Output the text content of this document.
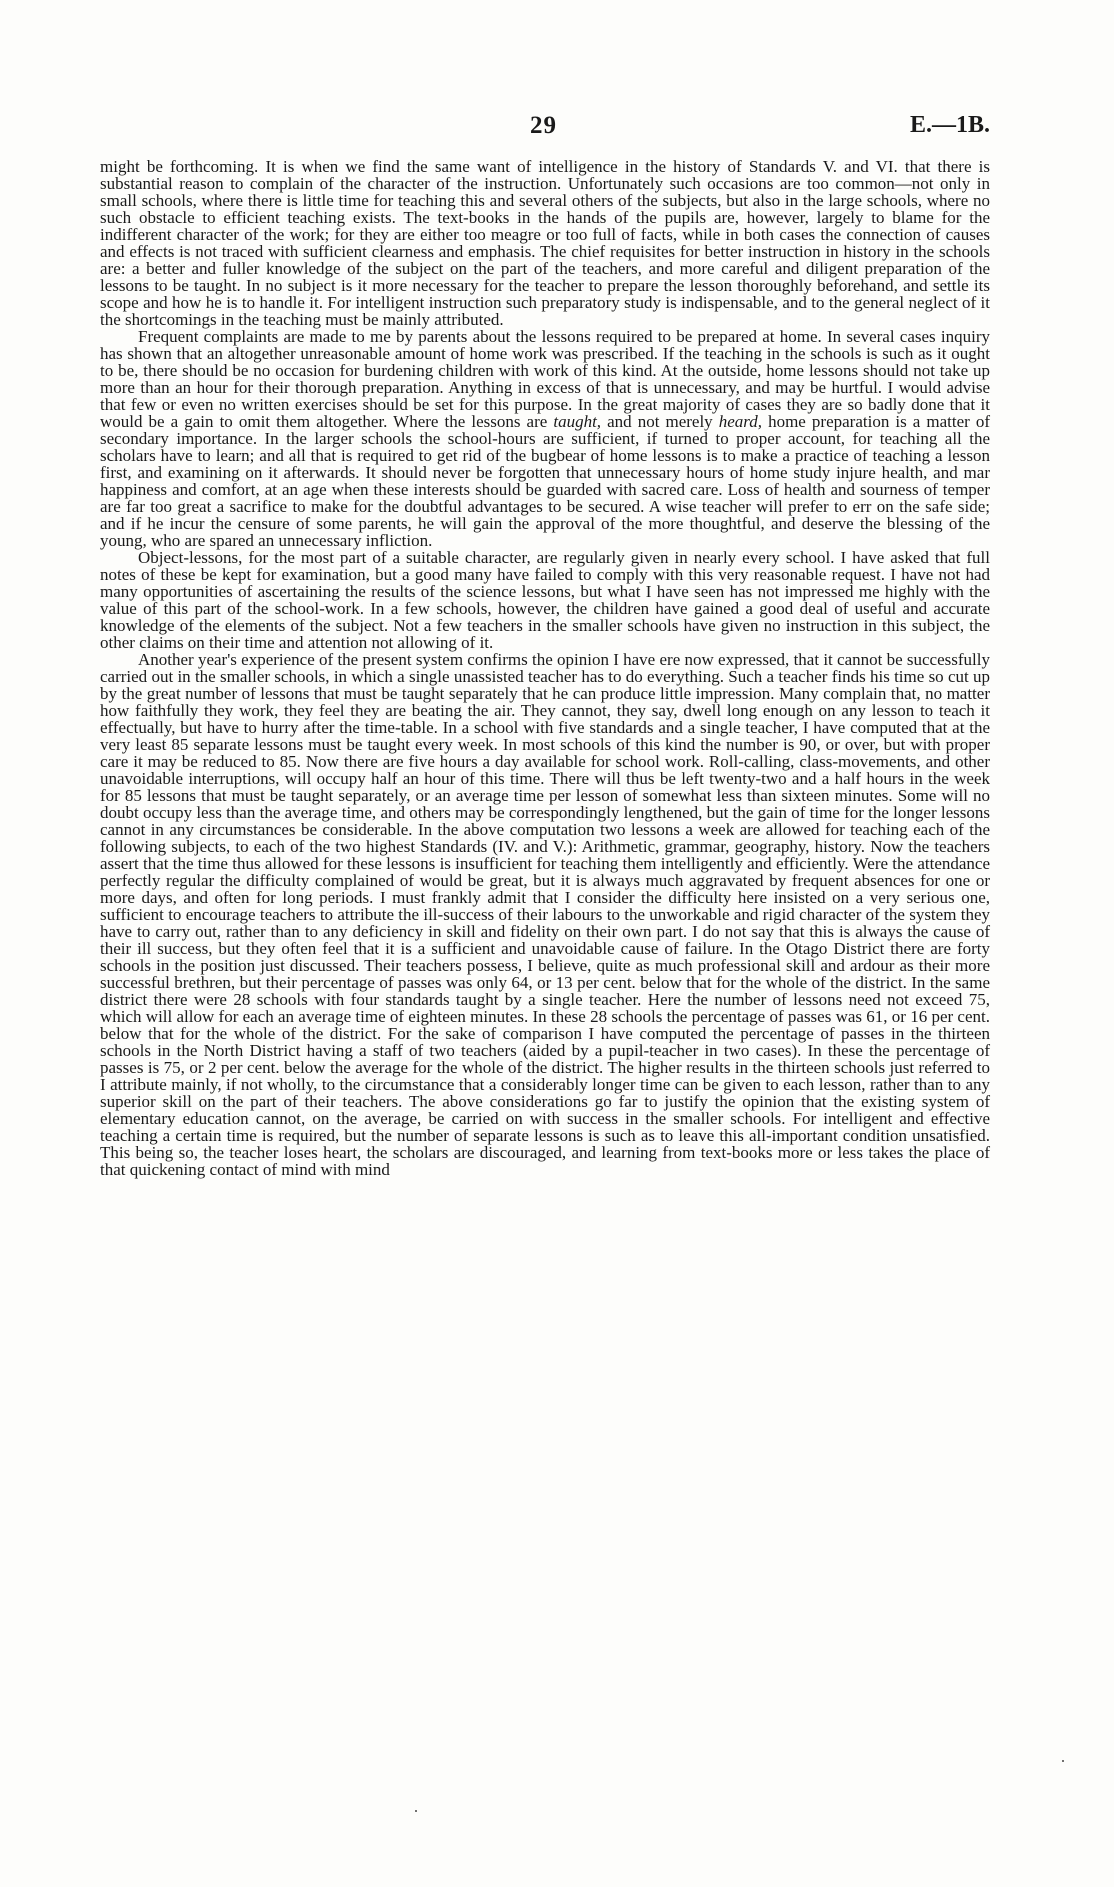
29	E.—1B.

might be forthcoming. It is when we find the same want of intelligence in the history of Standards V. and VI. that there is substantial reason to complain of the character of the instruction. Unfortunately such occasions are too common—not only in small schools, where there is little time for teaching this and several others of the subjects, but also in the large schools, where no such obstacle to efficient teaching exists. The text-books in the hands of the pupils are, however, largely to blame for the indifferent character of the work; for they are either too meagre or too full of facts, while in both cases the connection of causes and effects is not traced with sufficient clearness and emphasis. The chief requisites for better instruction in history in the schools are: a better and fuller knowledge of the subject on the part of the teachers, and more careful and diligent preparation of the lessons to be taught. In no subject is it more necessary for the teacher to prepare the lesson thoroughly beforehand, and settle its scope and how he is to handle it. For intelligent instruction such preparatory study is indispensable, and to the general neglect of it the shortcomings in the teaching must be mainly attributed.

Frequent complaints are made to me by parents about the lessons required to be prepared at home. In several cases inquiry has shown that an altogether unreasonable amount of home work was prescribed. If the teaching in the schools is such as it ought to be, there should be no occasion for burdening children with work of this kind. At the outside, home lessons should not take up more than an hour for their thorough preparation. Anything in excess of that is unnecessary, and may be hurtful. I would advise that few or even no written exercises should be set for this purpose. In the great majority of cases they are so badly done that it would be a gain to omit them altogether. Where the lessons are taught, and not merely heard, home preparation is a matter of secondary importance. In the larger schools the school-hours are sufficient, if turned to proper account, for teaching all the scholars have to learn; and all that is required to get rid of the bugbear of home lessons is to make a practice of teaching a lesson first, and examining on it afterwards. It should never be forgotten that unnecessary hours of home study injure health, and mar happiness and comfort, at an age when these interests should be guarded with sacred care. Loss of health and sourness of temper are far too great a sacrifice to make for the doubtful advantages to be secured. A wise teacher will prefer to err on the safe side; and if he incur the censure of some parents, he will gain the approval of the more thoughtful, and deserve the blessing of the young, who are spared an unnecessary infliction.

Object-lessons, for the most part of a suitable character, are regularly given in nearly every school. I have asked that full notes of these be kept for examination, but a good many have failed to comply with this very reasonable request. I have not had many opportunities of ascertaining the results of the science lessons, but what I have seen has not impressed me highly with the value of this part of the school-work. In a few schools, however, the children have gained a good deal of useful and accurate knowledge of the elements of the subject. Not a few teachers in the smaller schools have given no instruction in this subject, the other claims on their time and attention not allowing of it.

Another year's experience of the present system confirms the opinion I have ere now expressed, that it cannot be successfully carried out in the smaller schools, in which a single unassisted teacher has to do everything. Such a teacher finds his time so cut up by the great number of lessons that must be taught separately that he can produce little impression. Many complain that, no matter how faithfully they work, they feel they are beating the air. They cannot, they say, dwell long enough on any lesson to teach it effectually, but have to hurry after the time-table. In a school with five standards and a single teacher, I have computed that at the very least 85 separate lessons must be taught every week. In most schools of this kind the number is 90, or over, but with proper care it may be reduced to 85. Now there are five hours a day available for school work. Roll-calling, class-movements, and other unavoidable interruptions, will occupy half an hour of this time. There will thus be left twenty-two and a half hours in the week for 85 lessons that must be taught separately, or an average time per lesson of somewhat less than sixteen minutes. Some will no doubt occupy less than the average time, and others may be correspondingly lengthened, but the gain of time for the longer lessons cannot in any circumstances be considerable. In the above computation two lessons a week are allowed for teaching each of the following subjects, to each of the two highest Standards (IV. and V.): Arithmetic, grammar, geography, history. Now the teachers assert that the time thus allowed for these lessons is insufficient for teaching them intelligently and efficiently. Were the attendance perfectly regular the difficulty complained of would be great, but it is always much aggravated by frequent absences for one or more days, and often for long periods. I must frankly admit that I consider the difficulty here insisted on a very serious one, sufficient to encourage teachers to attribute the ill-success of their labours to the unworkable and rigid character of the system they have to carry out, rather than to any deficiency in skill and fidelity on their own part. I do not say that this is always the cause of their ill success, but they often feel that it is a sufficient and unavoidable cause of failure. In the Otago District there are forty schools in the position just discussed. Their teachers possess, I believe, quite as much professional skill and ardour as their more successful brethren, but their percentage of passes was only 64, or 13 per cent. below that for the whole of the district. In the same district there were 28 schools with four standards taught by a single teacher. Here the number of lessons need not exceed 75, which will allow for each an average time of eighteen minutes. In these 28 schools the percentage of passes was 61, or 16 per cent. below that for the whole of the district. For the sake of comparison I have computed the percentage of passes in the thirteen schools in the North District having a staff of two teachers (aided by a pupil-teacher in two cases). In these the percentage of passes is 75, or 2 per cent. below the average for the whole of the district. The higher results in the thirteen schools just referred to I attribute mainly, if not wholly, to the circumstance that a considerably longer time can be given to each lesson, rather than to any superior skill on the part of their teachers. The above considerations go far to justify the opinion that the existing system of elementary education cannot, on the average, be carried on with success in the smaller schools. For intelligent and effective teaching a certain time is required, but the number of separate lessons is such as to leave this all-important condition unsatisfied. This being so, the teacher loses heart, the scholars are discouraged, and learning from text-books more or less takes the place of that quickening contact of mind with mind
